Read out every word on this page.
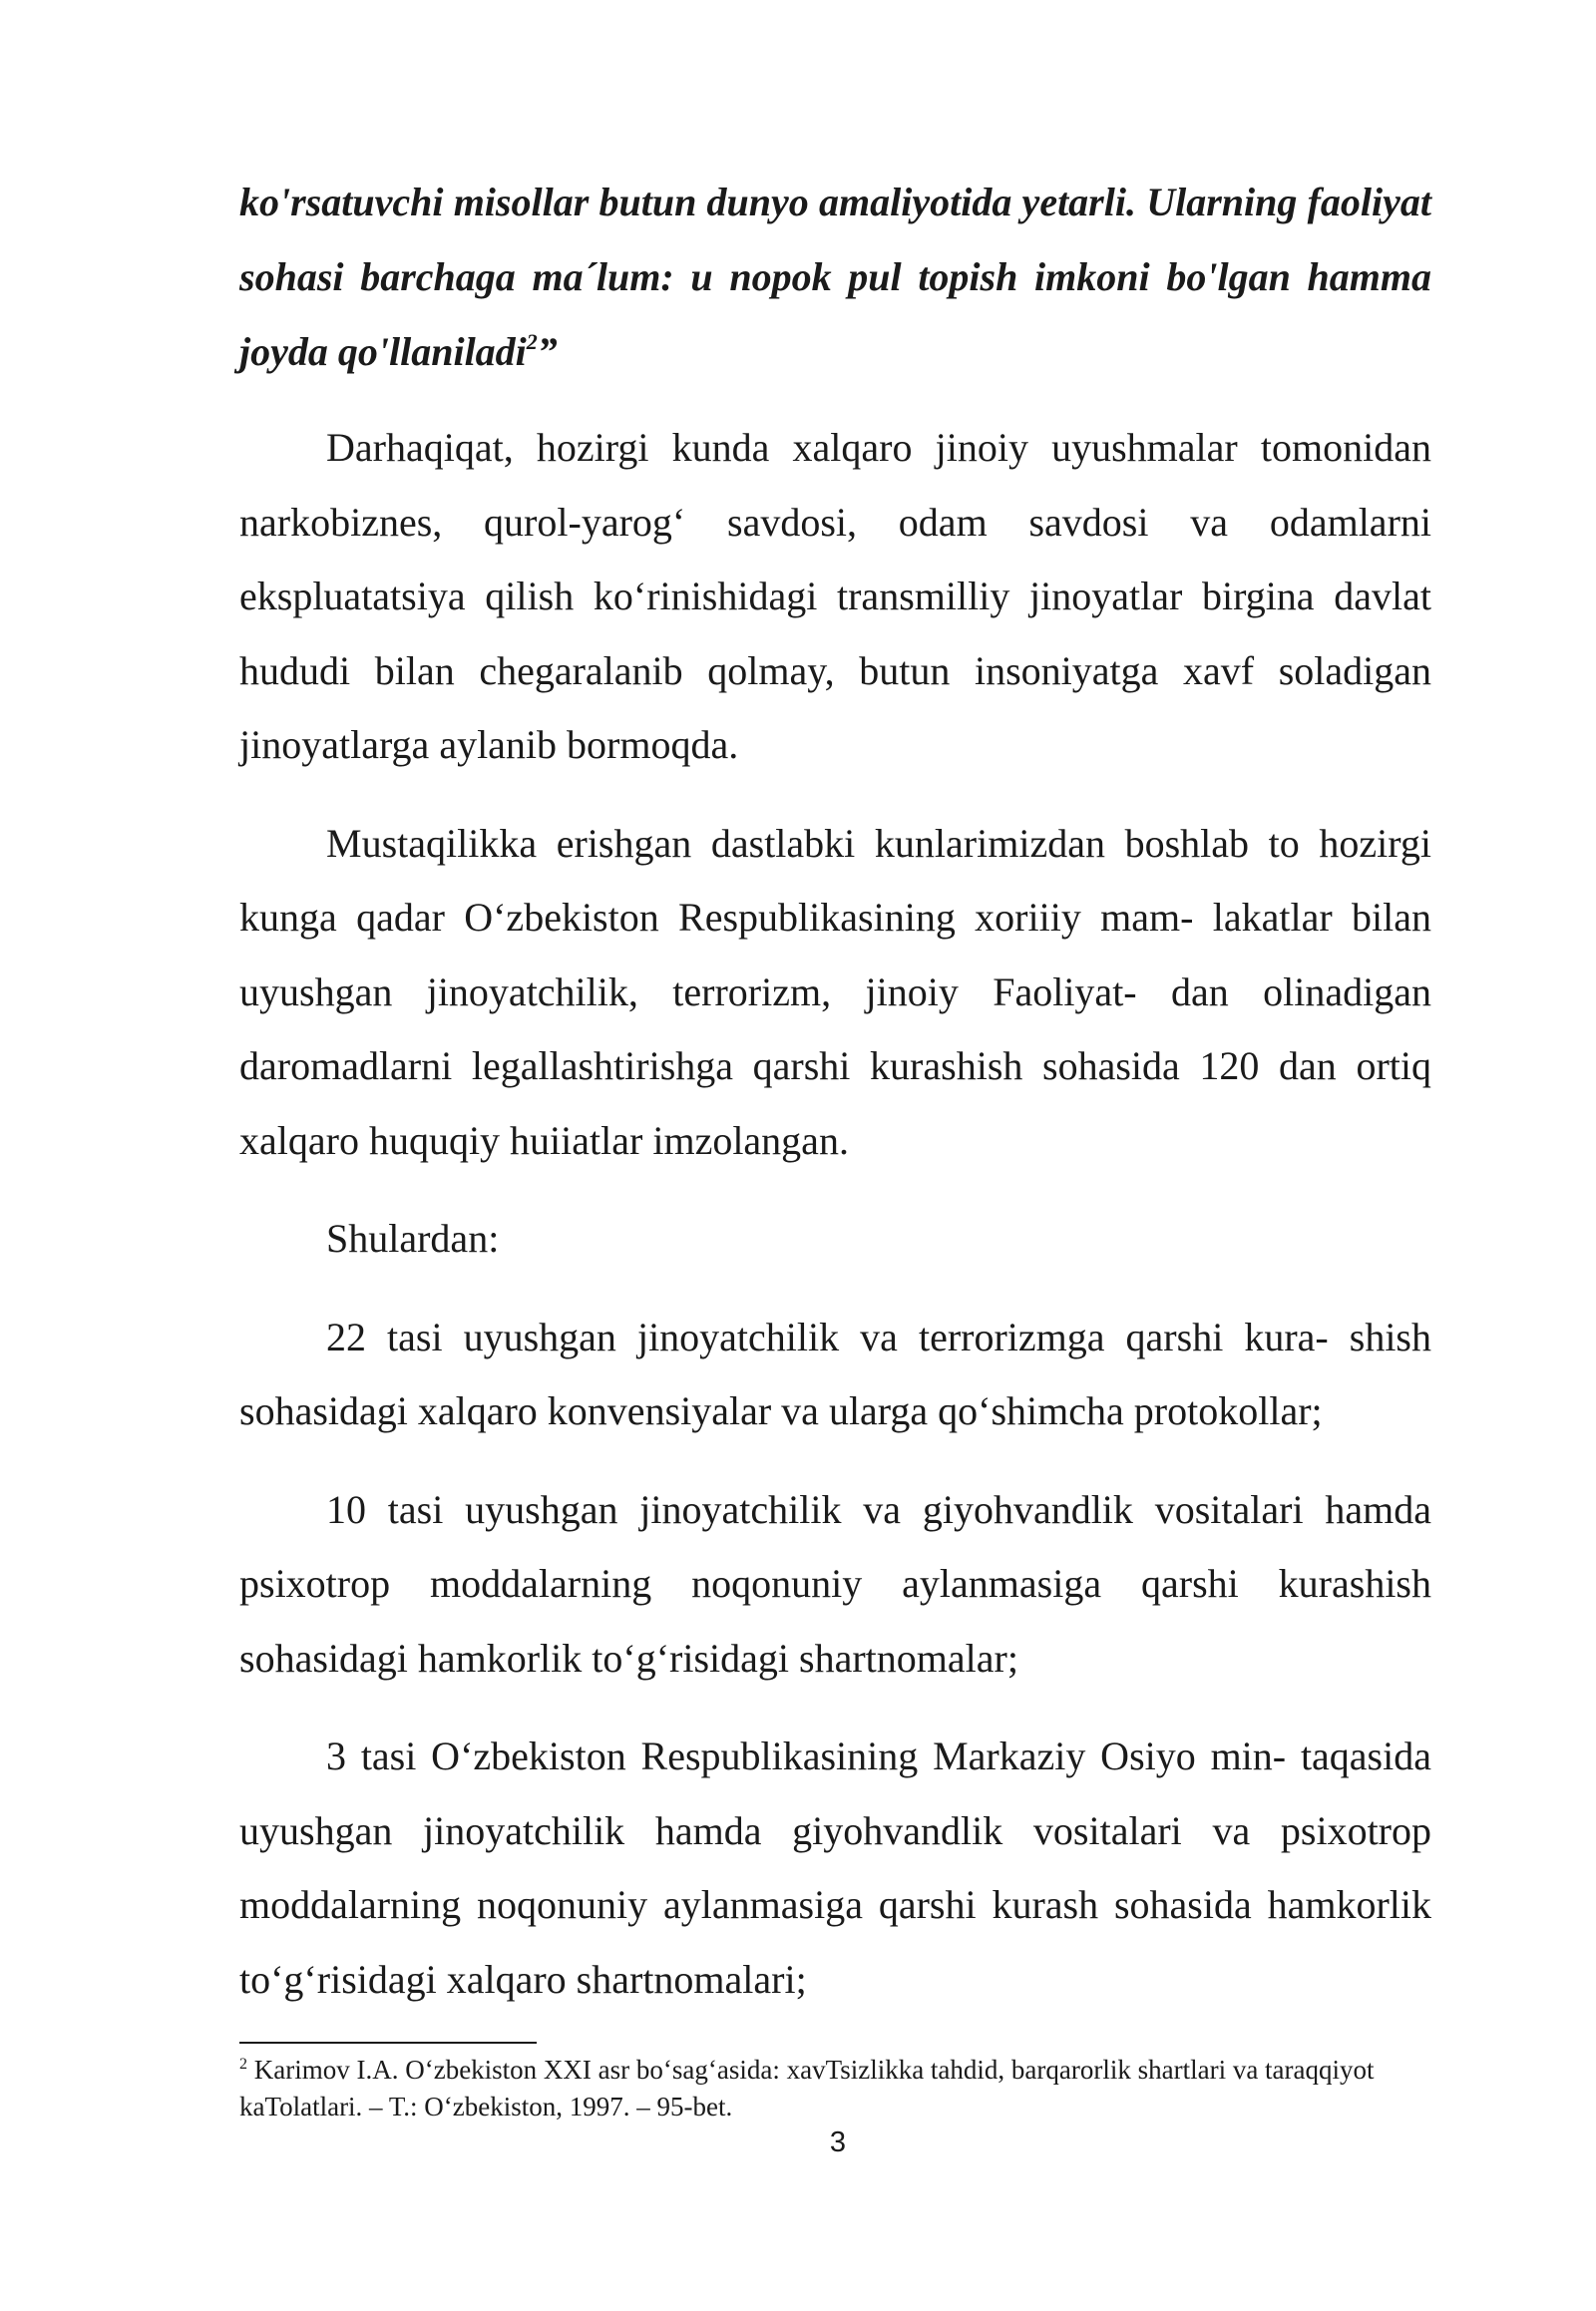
ko'rsatuvchi misollar butun dunyo amaliyotida yetarli. Ularning faoliyat sohasi barchaga ma´lum: u nopok pul topish imkoni bo'lgan hamma joyda qo'llaniladi$^2$”

Darhaqiqat, hozirgi kunda xalqaro jinoiy uyushmalar tomonidan narkobiznes, qurol-yarog‘ savdosi, odam savdosi va odamlarni ekspluatatsiya qilish ko‘rinishidagi transmilliy jinoyatlar birgina davlat hududi bilan chegaralanib qolmay, butun insoniyatga xavf soladigan jinoyatlarga aylanib bormoqda.

Mustaqilikka erishgan dastlabki kunlarimizdan boshlab to hozirgi kunga qadar O‘zbekiston Respublikasining xoriiiy mam- lakatlar bilan uyushgan jinoyatchilik, terrorizm, jinoiy Faoliyat- dan olinadigan daromadlarni legallashtirishga qarshi kurashish sohasida 120 dan ortiq xalqaro huquqiy huiiatlar imzolangan.

Shulardan:

22 tasi uyushgan jinoyatchilik va terrorizmga qarshi kura- shish sohasidagi xalqaro konvensiyalar va ularga qo‘shimcha protokollar;

10 tasi uyushgan jinoyatchilik va giyohvandlik vositalari hamda psixotrop moddalarning noqonuniy aylanmasiga qarshi kurashish sohasidagi hamkorlik to‘g‘risidagi shartnomalar;

3 tasi O‘zbekiston Respublikasining Markaziy Osiyo min- taqasida uyushgan jinoyatchilik hamda giyohvandlik vositalari va psixotrop moddalarning noqonuniy aylanmasiga qarshi kurash sohasida hamkorlik to‘g‘risidagi xalqaro shartnomalari;

$^2$ Karimov I.A. O‘zbekiston XXI asr bo‘sag‘asida: xavTsizlikka tahdid, barqarorlik shartlari va taraqqiyot kaTolatlari. – T.: O‘zbekiston, 1997. – 95-bet.
3
